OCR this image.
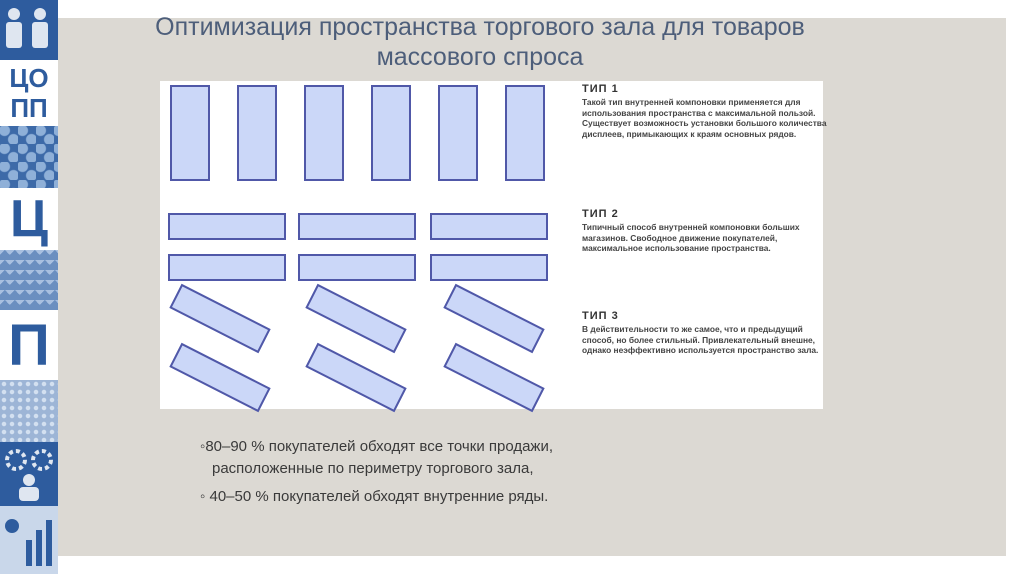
ЦО
ПП
Ц
П
Оптимизация пространства торгового зала для товаров массового спроса
ТИП 1
Такой тип внутренней компоновки применяется для использования пространства с максимальной пользой. Существует возможность установки большого количества дисплеев, примыкающих к краям основных рядов.
ТИП 2
Типичный способ внутренней компоновки больших магазинов. Свободное движение покупателей, максимальное использование пространства.
ТИП 3
В действительности то же самое, что и предыдущий способ, но более стильный. Привлекательный внешне, однако неэффективно используется пространство зала.

◦80–90 % покупателей обходят все точки продажи,

расположенные по периметру торгового зала,

◦ 40–50 % покупателей обходят внутренние ряды.
